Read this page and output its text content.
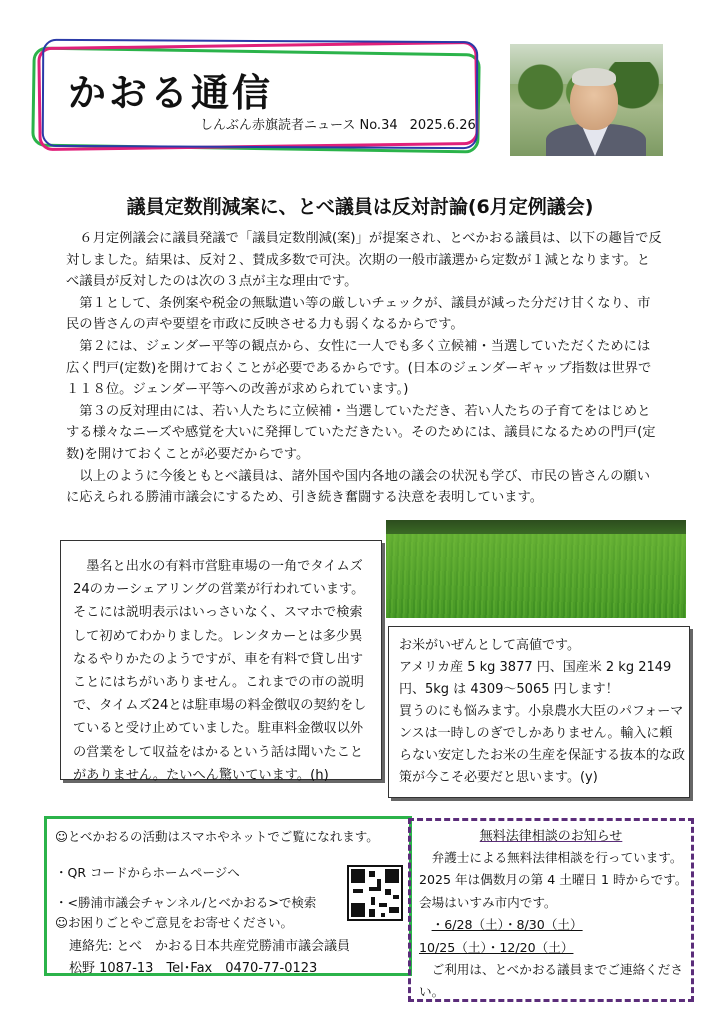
かおる通信
しんぶん赤旗読者ニュース No.34 2025.6.26
議員定数削減案に、とべ議員は反対討論(6月定例議会)

６月定例議会に議員発議で「議員定数削減(案)」が提案され、とべかおる議員は、以下の趣旨で反対しました。結果は、反対２、賛成多数で可決。次期の一般市議選から定数が１減となります。とべ議員が反対したのは次の３点が主な理由です。

第１として、条例案や税金の無駄遣い等の厳しいチェックが、議員が減った分だけ甘くなり、市民の皆さんの声や要望を市政に反映させる力も弱くなるからです。

第２には、ジェンダー平等の観点から、女性に一人でも多く立候補・当選していただくためには広く門戸(定数)を開けておくことが必要であるからです。(日本のジェンダーギャップ指数は世界で１１８位。ジェンダー平等への改善が求められています。)

第３の反対理由には、若い人たちに立候補・当選していただき、若い人たちの子育てをはじめとする様々なニーズや感覚を大いに発揮していただきたい。そのためには、議員になるための門戸(定数)を開けておくことが必要だからです。

以上のように今後ともとべ議員は、諸外国や国内各地の議会の状況も学び、市民の皆さんの願いに応えられる勝浦市議会にするため、引き続き奮闘する決意を表明しています。

墨名と出水の有料市営駐車場の一角でタイムズ24のカーシェアリングの営業が行われています。そこには説明表示はいっさいなく、スマホで検索して初めてわかりました。レンタカーとは多少異なるやりかたのようですが、車を有料で貸し出すことにはちがいありません。これまでの市の説明で、タイムズ24とは駐車場の料金徴収の契約をしていると受け止めていました。駐車料金徴収以外の営業をして収益をはかるという話は聞いたことがありません。たいへん驚いています。(h)

お米がいぜんとして高値です。
アメリカ産 5 kg 3877 円、国産米 2 kg 2149 円、5kg は 4309～5065 円します！
買うのにも悩みます。小泉農水大臣のパフォーマンスは一時しのぎでしかありません。輸入に頼らない安定したお米の生産を保証する抜本的な政策が今こそ必要だと思います。(y)
☺とべかおるの活動はスマホやネットでご覧になれます。
・QR コードからホームページへ
・<勝浦市議会チャンネル/とべかおる>で検索
☺お困りごとやご意見をお寄せください。
連絡先: とべ　かおる日本共産党勝浦市議会議員
松野 1087-13　Tel･Fax　0470-77-0123
無料法律相談のお知らせ

弁護士による無料法律相談を行っています。2025 年は偶数月の第 4 土曜日 1 時からです。会場はいすみ市内です。

・6/28（土）・8/30（土）

10/25（土）・12/20（土）

ご利用は、とべかおる議員までご連絡ください。
